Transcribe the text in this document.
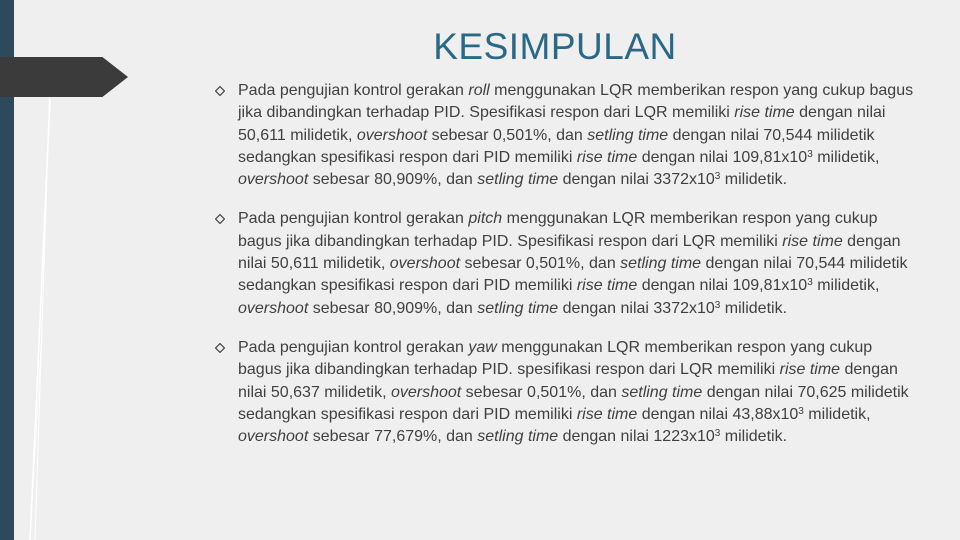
KESIMPULAN
Pada pengujian kontrol gerakan roll menggunakan LQR memberikan respon yang cukup bagus jika dibandingkan terhadap PID. Spesifikasi respon dari LQR memiliki rise time dengan nilai 50,611 milidetik, overshoot sebesar 0,501%, dan setling time dengan nilai 70,544 milidetik sedangkan spesifikasi respon dari PID memiliki rise time dengan nilai $109,81x10^3$ milidetik, overshoot sebesar 80,909%, dan setling time dengan nilai $3372x10^3$ milidetik.
Pada pengujian kontrol gerakan pitch menggunakan LQR memberikan respon yang cukup bagus jika dibandingkan terhadap PID. Spesifikasi respon dari LQR memiliki rise time dengan nilai 50,611 milidetik, overshoot sebesar 0,501%, dan setling time dengan nilai 70,544 milidetik sedangkan spesifikasi respon dari PID memiliki rise time dengan nilai $109,81x10^3$ milidetik, overshoot sebesar 80,909%, dan setling time dengan nilai $3372x10^3$ milidetik.
Pada pengujian kontrol gerakan yaw menggunakan LQR memberikan respon yang cukup bagus jika dibandingkan terhadap PID. spesifikasi respon dari LQR memiliki rise time dengan nilai 50,637 milidetik, overshoot sebesar 0,501%, dan setling time dengan nilai 70,625 milidetik sedangkan spesifikasi respon dari PID memiliki rise time dengan nilai $43,88x10^3$ milidetik, overshoot sebesar 77,679%, dan setling time dengan nilai $1223x10^3$ milidetik.
